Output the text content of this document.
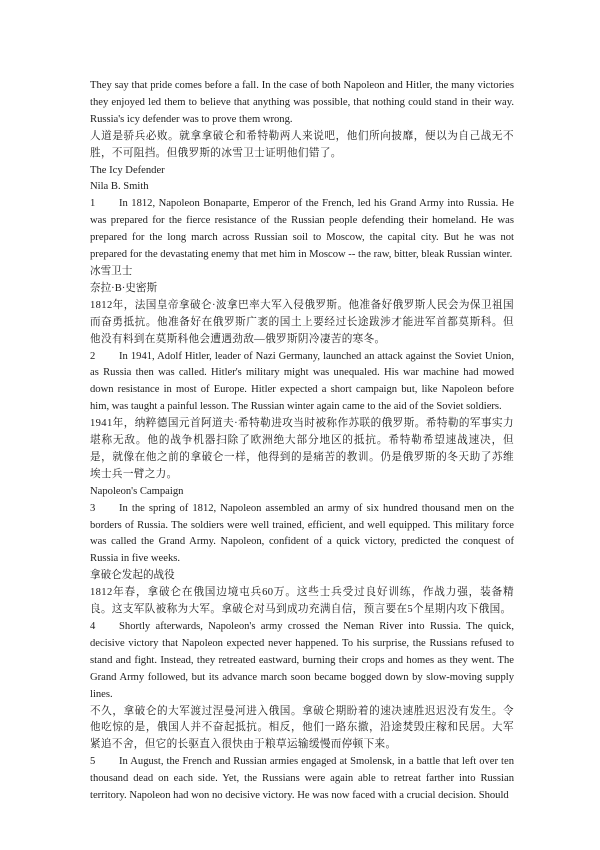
They say that pride comes before a fall. In the case of both Napoleon and Hitler, the many victories they enjoyed led them to believe that anything was possible, that nothing could stand in their way. Russia's icy defender was to prove them wrong.

人道是骄兵必败。就拿拿破仑和希特勒两人来说吧，他们所向披靡，便以为自己战无不胜，不可阻挡。但俄罗斯的冰雪卫士证明他们错了。

The Icy Defender

Nila B. Smith

1 In 1812, Napoleon Bonaparte, Emperor of the French, led his Grand Army into Russia. He was prepared for the fierce resistance of the Russian people defending their homeland. He was prepared for the long march across Russian soil to Moscow, the capital city. But he was not prepared for the devastating enemy that met him in Moscow -- the raw, bitter, bleak Russian winter.

冰雪卫士

奈拉·B·史密斯

1812年，法国皇帝拿破仑·波拿巴率大军入侵俄罗斯。他准备好俄罗斯人民会为保卫祖国而奋勇抵抗。他准备好在俄罗斯广袤的国土上要经过长途跋涉才能进军首都莫斯科。但他没有料到在莫斯科他会遭遇劲敌—俄罗斯阴冷凄苦的寒冬。

2 In 1941, Adolf Hitler, leader of Nazi Germany, launched an attack against the Soviet Union, as Russia then was called. Hitler's military might was unequaled. His war machine had mowed down resistance in most of Europe. Hitler expected a short campaign but, like Napoleon before him, was taught a painful lesson. The Russian winter again came to the aid of the Soviet soldiers.

1941年，纳粹德国元首阿道夫·希特勒进攻当时被称作苏联的俄罗斯。希特勒的军事实力堪称无敌。他的战争机器扫除了欧洲绝大部分地区的抵抗。希特勒希望速战速决，但是，就像在他之前的拿破仑一样，他得到的是痛苦的教训。仍是俄罗斯的冬天助了苏维埃士兵一臂之力。

Napoleon's Campaign

3 In the spring of 1812, Napoleon assembled an army of six hundred thousand men on the borders of Russia. The soldiers were well trained, efficient, and well equipped. This military force was called the Grand Army. Napoleon, confident of a quick victory, predicted the conquest of Russia in five weeks.

拿破仑发起的战役

1812年春，拿破仑在俄国边境屯兵60万。这些士兵受过良好训练，作战力强，装备精良。这支军队被称为大军。拿破仑对马到成功充满自信，预言要在5个星期内攻下俄国。

4 Shortly afterwards, Napoleon's army crossed the Neman River into Russia. The quick, decisive victory that Napoleon expected never happened. To his surprise, the Russians refused to stand and fight. Instead, they retreated eastward, burning their crops and homes as they went. The Grand Army followed, but its advance march soon became bogged down by slow-moving supply lines.

不久，拿破仑的大军渡过涅曼河进入俄国。拿破仑期盼着的速决速胜迟迟没有发生。令他吃惊的是，俄国人并不奋起抵抗。相反，他们一路东撤，沿途焚毁庄稼和民居。大军紧追不舍，但它的长驱直入很快由于粮草运输缓慢而停顿下来。

5 In August, the French and Russian armies engaged at Smolensk, in a battle that left over ten thousand dead on each side. Yet, the Russians were again able to retreat farther into Russian territory. Napoleon had won no decisive victory. He was now faced with a crucial decision. Should
